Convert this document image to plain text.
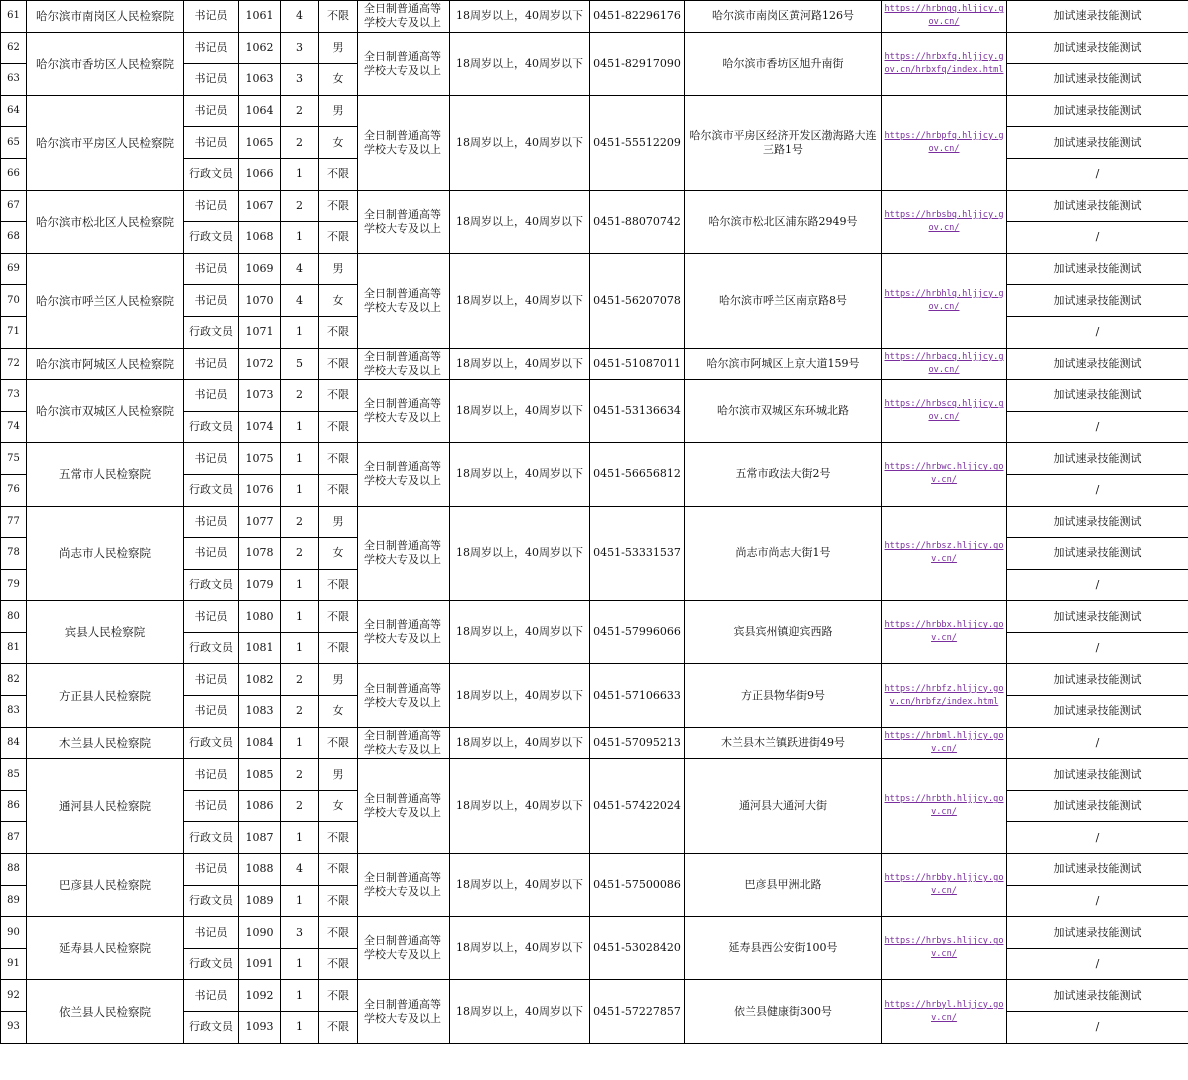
61	哈尔滨市南岗区人民检察院	书记员	1061	4	不限	全日制普通高等学校大专及以上	18周岁以上，40周岁以下	0451-82296176	哈尔滨市南岗区黄河路126号	https://hrbngq.hljjcy.gov.cn/	加试速录技能测试
62	哈尔滨市香坊区人民检察院	书记员	1062	3	男	全日制普通高等学校大专及以上	18周岁以上，40周岁以下	0451-82917090	哈尔滨市香坊区旭升南街	https://hrbxfq.hljjcy.gov.cn/hrbxfq/index.html	加试速录技能测试
63		书记员	1063	3	女						加试速录技能测试
64	哈尔滨市平房区人民检察院	书记员	1064	2	男	全日制普通高等学校大专及以上	18周岁以上，40周岁以下	0451-55512209	哈尔滨市平房区经济开发区渤海路大连三路1号	https://hrbpfq.hljjcy.gov.cn/	加试速录技能测试
65		书记员	1065	2	女						加试速录技能测试
66		行政文员	1066	1	不限						/
67	哈尔滨市松北区人民检察院	书记员	1067	2	不限	全日制普通高等学校大专及以上	18周岁以上，40周岁以下	0451-88070742	哈尔滨市松北区浦东路2949号	https://hrbsbq.hljjcy.gov.cn/	加试速录技能测试
68		行政文员	1068	1	不限						/
69	哈尔滨市呼兰区人民检察院	书记员	1069	4	男	全日制普通高等学校大专及以上	18周岁以上，40周岁以下	0451-56207078	哈尔滨市呼兰区南京路8号	https://hrbhlq.hljjcy.gov.cn/	加试速录技能测试
70		书记员	1070	4	女						加试速录技能测试
71		行政文员	1071	1	不限						/
72	哈尔滨市阿城区人民检察院	书记员	1072	5	不限	全日制普通高等学校大专及以上	18周岁以上，40周岁以下	0451-51087011	哈尔滨市阿城区上京大道159号	https://hrbacq.hljjcy.gov.cn/	加试速录技能测试
73	哈尔滨市双城区人民检察院	书记员	1073	2	不限	全日制普通高等学校大专及以上	18周岁以上，40周岁以下	0451-53136634	哈尔滨市双城区东环城北路	https://hrbscq.hljjcy.gov.cn/	加试速录技能测试
74		行政文员	1074	1	不限						/
75	五常市人民检察院	书记员	1075	1	不限	全日制普通高等学校大专及以上	18周岁以上，40周岁以下	0451-56656812	五常市政法大街2号	https://hrbwc.hljjcy.gov.cn/	加试速录技能测试
76		行政文员	1076	1	不限						/
77	尚志市人民检察院	书记员	1077	2	男	全日制普通高等学校大专及以上	18周岁以上，40周岁以下	0451-53331537	尚志市尚志大街1号	https://hrbsz.hljjcy.gov.cn/	加试速录技能测试
78		书记员	1078	2	女						加试速录技能测试
79		行政文员	1079	1	不限						/
80	宾县人民检察院	书记员	1080	1	不限	全日制普通高等学校大专及以上	18周岁以上，40周岁以下	0451-57996066	宾县宾州镇迎宾西路	https://hrbbx.hljjcy.gov.cn/	加试速录技能测试
81		行政文员	1081	1	不限						/
82	方正县人民检察院	书记员	1082	2	男	全日制普通高等学校大专及以上	18周岁以上，40周岁以下	0451-57106633	方正县物华街9号	https://hrbfz.hljjcy.gov.cn/hrbfz/index.html	加试速录技能测试
83		书记员	1083	2	女						加试速录技能测试
84	木兰县人民检察院	行政文员	1084	1	不限	全日制普通高等学校大专及以上	18周岁以上，40周岁以下	0451-57095213	木兰县木兰镇跃进街49号	https://hrbml.hljjcy.gov.cn/	/
85	通河县人民检察院	书记员	1085	2	男	全日制普通高等学校大专及以上	18周岁以上，40周岁以下	0451-57422024	通河县大通河大街	https://hrbth.hljjcy.gov.cn/	加试速录技能测试
86		书记员	1086	2	女						加试速录技能测试
87		行政文员	1087	1	不限						/
88	巴彦县人民检察院	书记员	1088	4	不限	全日制普通高等学校大专及以上	18周岁以上，40周岁以下	0451-57500086	巴彦县甲洲北路	https://hrbby.hljjcy.gov.cn/	加试速录技能测试
89		行政文员	1089	1	不限						/
90	延寿县人民检察院	书记员	1090	3	不限	全日制普通高等学校大专及以上	18周岁以上，40周岁以下	0451-53028420	延寿县西公安街100号	https://hrbys.hljjcy.gov.cn/	加试速录技能测试
91		行政文员	1091	1	不限						/
92	依兰县人民检察院	书记员	1092	1	不限	全日制普通高等学校大专及以上	18周岁以上，40周岁以下	0451-57227857	依兰县健康街300号	https://hrbyl.hljjcy.gov.cn/	加试速录技能测试
93		行政文员	1093	1	不限						/
